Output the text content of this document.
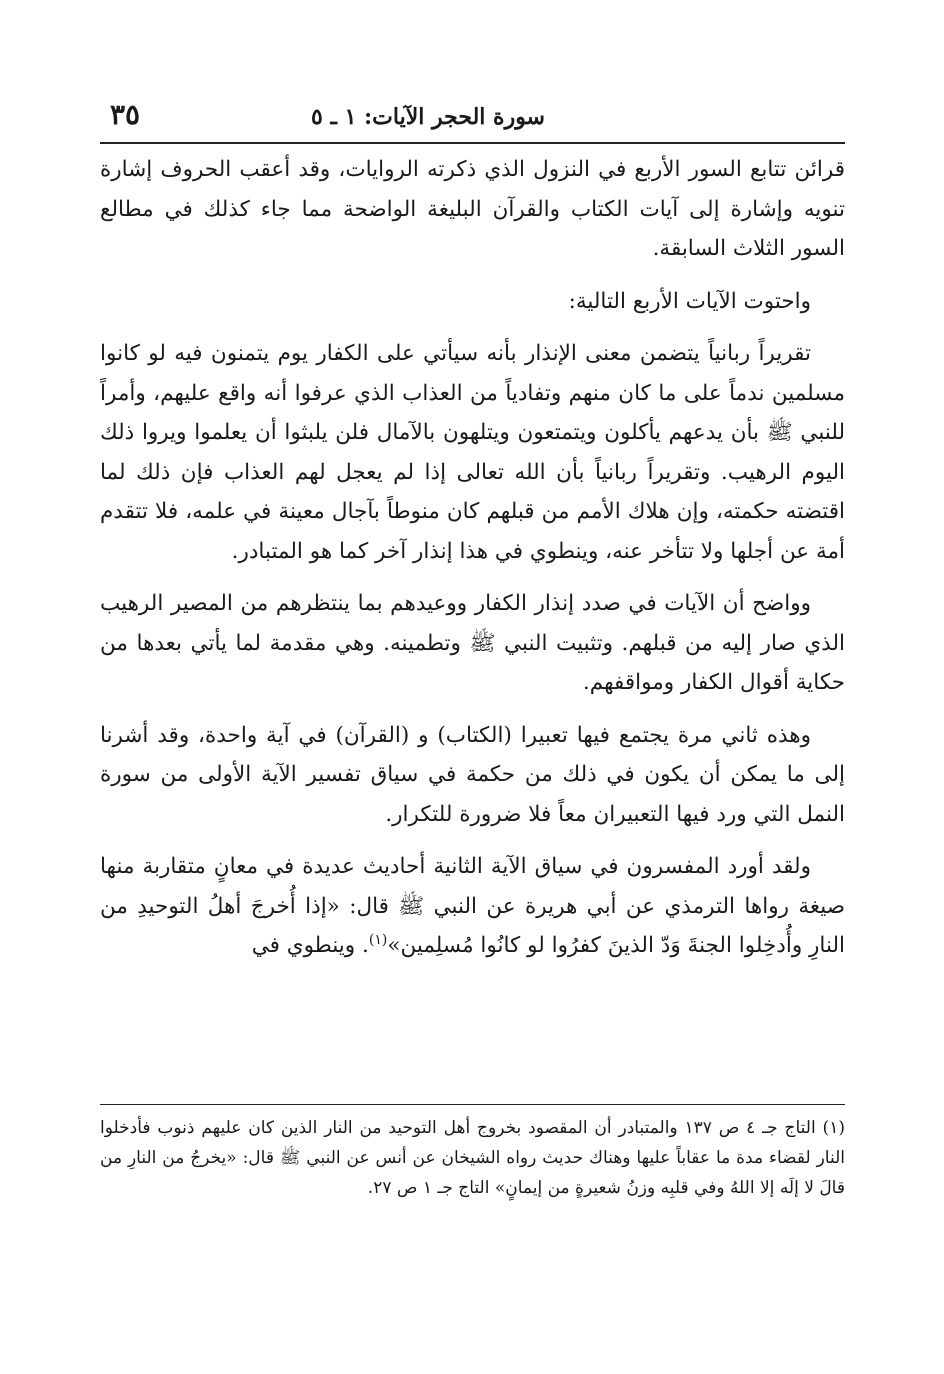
سورة الحجر الآيات: ١ ـ ٥
٣٥

قرائن تتابع السور الأربع في النزول الذي ذكرته الروايات، وقد أعقب الحروف إشارة تنويه وإشارة إلى آيات الكتاب والقرآن البليغة الواضحة مما جاء كذلك في مطالع السور الثلاث السابقة.

واحتوت الآيات الأربع التالية:

تقريراً ربانياً يتضمن معنى الإنذار بأنه سيأتي على الكفار يوم يتمنون فيه لو كانوا مسلمين ندماً على ما كان منهم وتفادياً من العذاب الذي عرفوا أنه واقع عليهم، وأمراً للنبي ﷺ بأن يدعهم يأكلون ويتمتعون ويتلهون بالآمال فلن يلبثوا أن يعلموا ويروا ذلك اليوم الرهيب. وتقريراً ربانياً بأن الله تعالى إذا لم يعجل لهم العذاب فإن ذلك لما اقتضته حكمته، وإن هلاك الأمم من قبلهم كان منوطاً بآجال معينة في علمه، فلا تتقدم أمة عن أجلها ولا تتأخر عنه، وينطوي في هذا إنذار آخر كما هو المتبادر.

وواضح أن الآيات في صدد إنذار الكفار ووعيدهم بما ينتظرهم من المصير الرهيب الذي صار إليه من قبلهم. وتثبيت النبي ﷺ وتطمينه. وهي مقدمة لما يأتي بعدها من حكاية أقوال الكفار ومواقفهم.

وهذه ثاني مرة يجتمع فيها تعبيرا (الكتاب) و (القرآن) في آية واحدة، وقد أشرنا إلى ما يمكن أن يكون في ذلك من حكمة في سياق تفسير الآية الأولى من سورة النمل التي ورد فيها التعبيران معاً فلا ضرورة للتكرار.

ولقد أورد المفسرون في سياق الآية الثانية أحاديث عديدة في معانٍ متقاربة منها صيغة رواها الترمذي عن أبي هريرة عن النبي ﷺ قال: «إذا أُخرجَ أهلُ التوحيدِ من النارِ وأُدخِلوا الجنةَ وَدّ الذينَ كفرُوا لو كانُوا مُسلِمين»$^{(١)}$. وينطوي في

(١) التاج جـ ٤ ص ١٣٧ والمتبادر أن المقصود بخروج أهل التوحيد من النار الذين كان عليهم ذنوب فأدخلوا النار لقضاء مدة ما عقاباً عليها وهناك حديث رواه الشيخان عن أنس عن النبي ﷺ قال: «يخرجُ من النارِ من قالَ لا إلَه إلا اللهُ وفي قلبِه وزنُ شعيرةٍ من إيمانٍ» التاج جـ ١ ص ٢٧.
